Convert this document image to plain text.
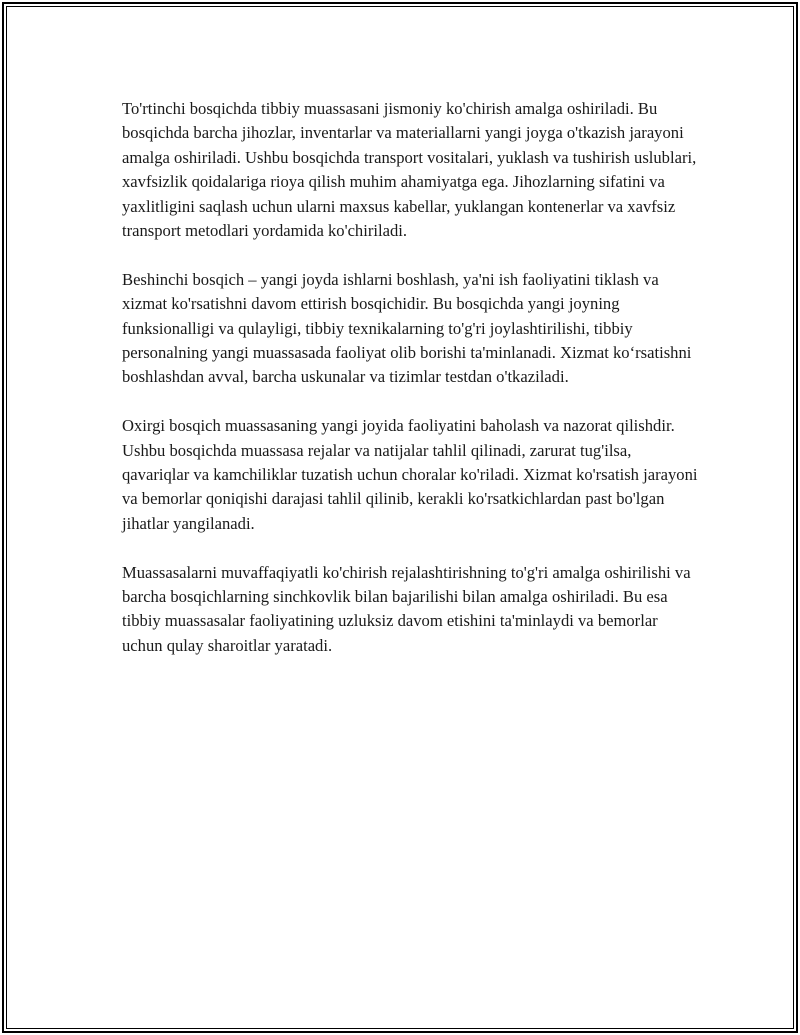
To'rtinchi bosqichda tibbiy muassasani jismoniy ko'chirish amalga oshiriladi. Bu bosqichda barcha jihozlar, inventarlar va materiallarni yangi joyga o'tkazish jarayoni amalga oshiriladi. Ushbu bosqichda transport vositalari, yuklash va tushirish uslublari, xavfsizlik qoidalariga rioya qilish muhim ahamiyatga ega. Jihozlarning sifatini va yaxlitligini saqlash uchun ularni maxsus kabellar, yuklangan kontenerlar va xavfsiz transport metodlari yordamida ko'chiriladi.

Beshinchi bosqich – yangi joyda ishlarni boshlash, ya'ni ish faoliyatini tiklash va xizmat ko'rsatishni davom ettirish bosqichidir. Bu bosqichda yangi joyning funksionalligi va qulayligi, tibbiy texnikalarning to'g'ri joylashtirilishi, tibbiy personalning yangi muassasada faoliyat olib borishi ta'minlanadi. Xizmat ko‘rsatishni boshlashdan avval, barcha uskunalar va tizimlar testdan o'tkaziladi.

Oxirgi bosqich muassasaning yangi joyida faoliyatini baholash va nazorat qilishdir. Ushbu bosqichda muassasa rejalar va natijalar tahlil qilinadi, zarurat tug'ilsa, qavariqlar va kamchiliklar tuzatish uchun choralar ko'riladi. Xizmat ko'rsatish jarayoni va bemorlar qoniqishi darajasi tahlil qilinib, kerakli ko'rsatkichlardan past bo'lgan jihatlar yangilanadi.

Muassasalarni muvaffaqiyatli ko'chirish rejalashtirishning to'g'ri amalga oshirilishi va barcha bosqichlarning sinchkovlik bilan bajarilishi bilan amalga oshiriladi. Bu esa tibbiy muassasalar faoliyatining uzluksiz davom etishini ta'minlaydi va bemorlar uchun qulay sharoitlar yaratadi.
